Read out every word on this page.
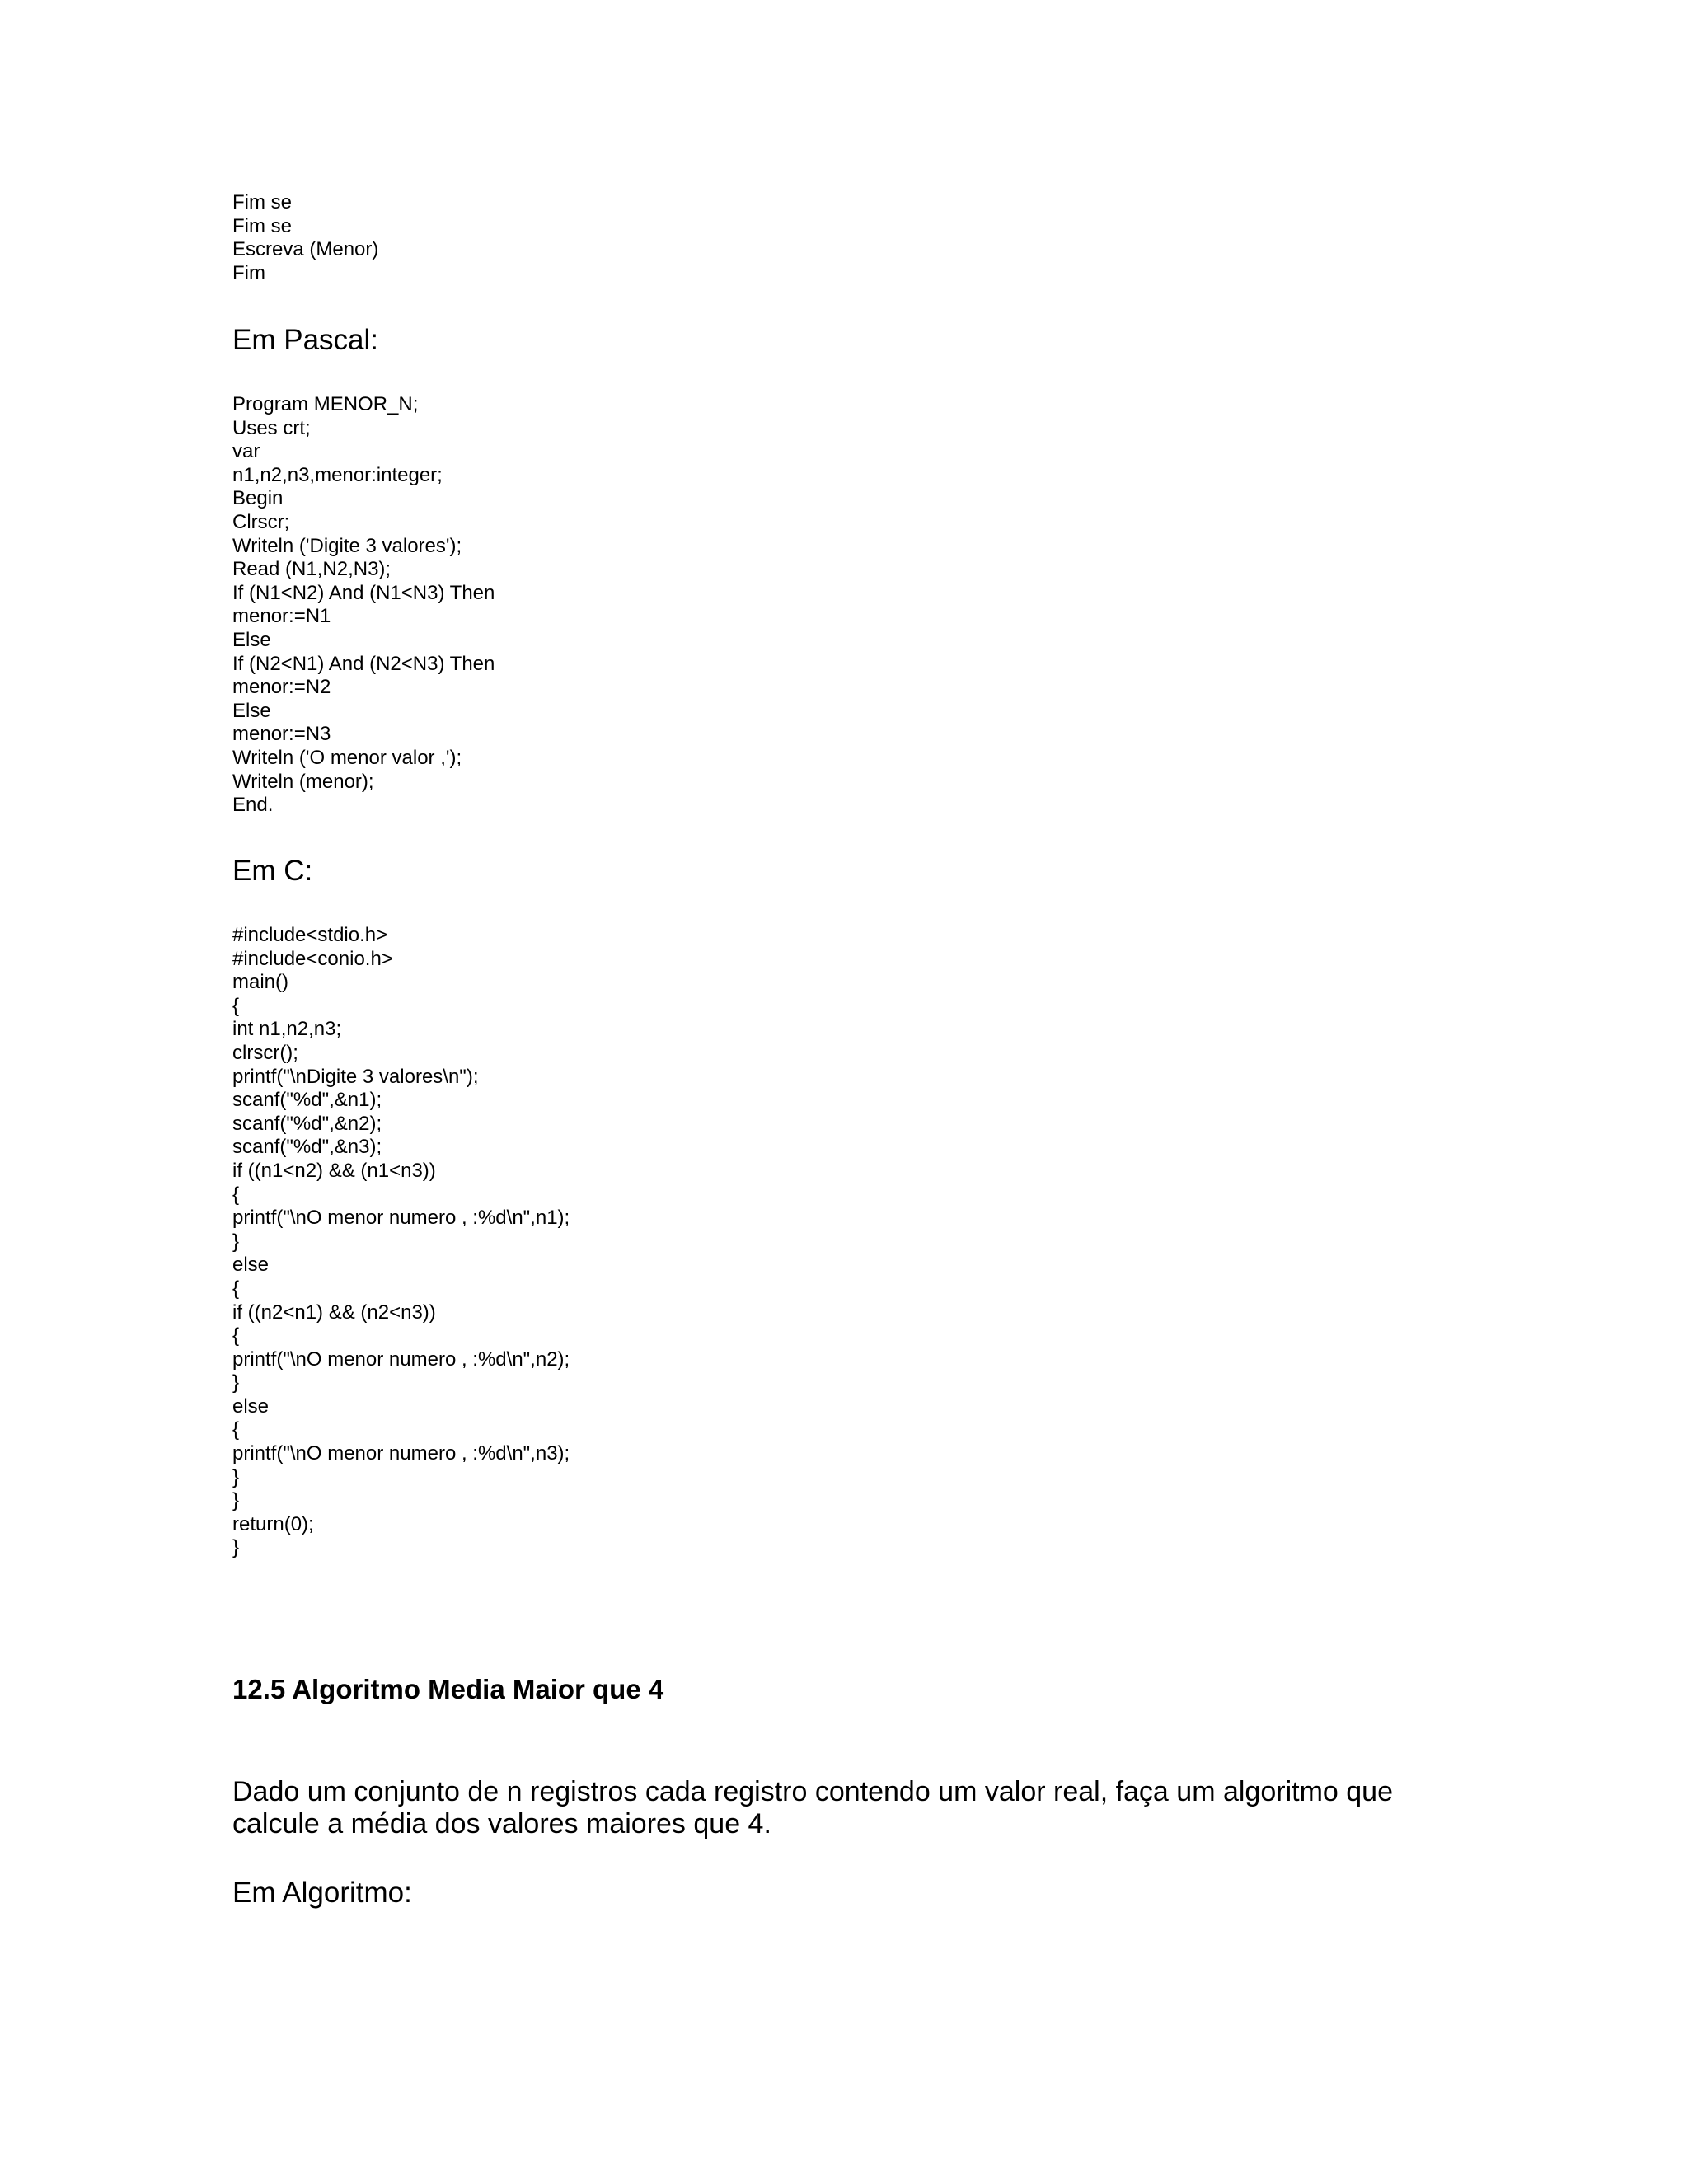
Fim se
Fim se
Escreva (Menor)
Fim
Em Pascal:
Program MENOR_N;
Uses crt;
var
n1,n2,n3,menor:integer;
Begin
Clrscr;
Writeln ('Digite 3 valores');
Read (N1,N2,N3);
If (N1<N2) And (N1<N3) Then
menor:=N1
Else
If (N2<N1) And (N2<N3) Then
menor:=N2
Else
menor:=N3
Writeln ('O menor valor ,');
Writeln (menor);
End.
Em C:
#include<stdio.h>
#include<conio.h>
main()
{
int n1,n2,n3;
clrscr();
printf("\nDigite 3 valores\n");
scanf("%d",&n1);
scanf("%d",&n2);
scanf("%d",&n3);
if ((n1<n2) && (n1<n3))
{
printf("\nO menor numero , :%d\n",n1);
}
else
{
if ((n2<n1) && (n2<n3))
{
printf("\nO menor numero , :%d\n",n2);
}
else
{
printf("\nO menor numero , :%d\n",n3);
}
}
return(0);
}
12.5 Algoritmo Media Maior que 4
Dado um conjunto de n registros cada registro contendo um valor real, faça um algoritmo que
calcule a média dos valores maiores que 4.
Em Algoritmo:
